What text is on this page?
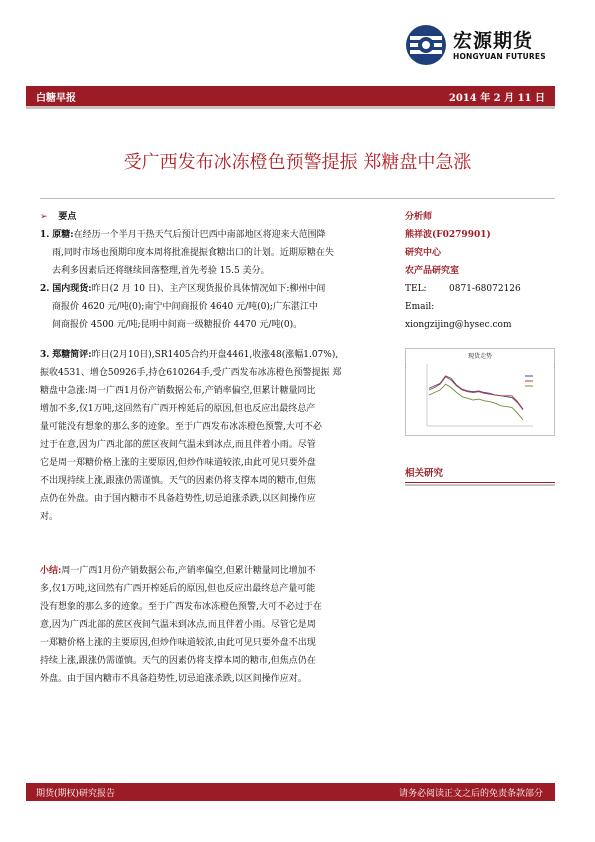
宏源期货
HONGYUAN FUTURES
白糖早报	2014 年 2 月 11 日
受广西发布冰冻橙色预警提振 郑糖盘中急涨
➢ 要点

1. 原糖:在经历一个半月干热天气后预计巴西中南部地区将迎来大范围降

雨,同时市场也预期印度本周将批准提振食糖出口的计划。近期原糖在失

去利多因素后还将继续回落整理,首先考验 15.5 美分。

2. 国内现货:昨日(2 月 10 日)、主产区现货报价具体情况如下:柳州中间

商报价 4620 元/吨(0);南宁中间商报价 4640 元/吨(0);广东湛江中

间商报价 4500 元/吨;昆明中间商一级糖报价 4470 元/吨(0)。

3. 郑糖简评:昨日(2月10日),SR1405合约开盘4461,收涨48(涨幅1.07%),

振收4531、增仓50926手,持仓610264手,受广西发布冰冻橙色预警提振 郑

糖盘中急涨:周一广西1月份产销数据公布,产销率偏空,但累计糖量同比

增加不多,仅1万吨,这回然有广西开榨延后的原因,但也反应出最终总产

量可能没有想象的那么多的迹象。至于广西发布冰冻橙色预警,大可不必

过于在意,因为广西北部的蔗区夜间气温未到冰点,而且伴着小雨。尽管

它是周一郑糖价格上涨的主要原因,但炒作味道较浓,由此可见只要外盘

不出现持续上涨,跟涨仍需谨慎。天气的因素仍将支撑本周的糖市,但焦

点仍在外盘。由于国内糖市不具备趋势性,切忌追涨杀跌,以区间操作应

对。

小结:周一广西1月份产销数据公布,产销率偏空,但累计糖量同比增加不

多,仅1万吨,这回然有广西开榨延后的原因,但也反应出最终总产量可能

没有想象的那么多的迹象。至于广西发布冰冻橙色预警,大可不必过于在

意,因为广西北部的蔗区夜间气温未到冰点,而且伴着小雨。尽管它是周

一郑糖价格上涨的主要原因,但炒作味道较浓,由此可见只要外盘不出现

持续上涨,跟涨仍需谨慎。天气的因素仍将支撑本周的糖市,但焦点仍在

外盘。由于国内糖市不具备趋势性,切忌追涨杀跌,以区间操作应对。

分析师
熊祥波(F0279901)
研究中心
农产品研究室
TEL: 0871-68072126
Email:xiongzijing@hysec.com
相关研究
现货走势
期货(期权)研究报告	请务必阅读正文之后的免责条款部分
